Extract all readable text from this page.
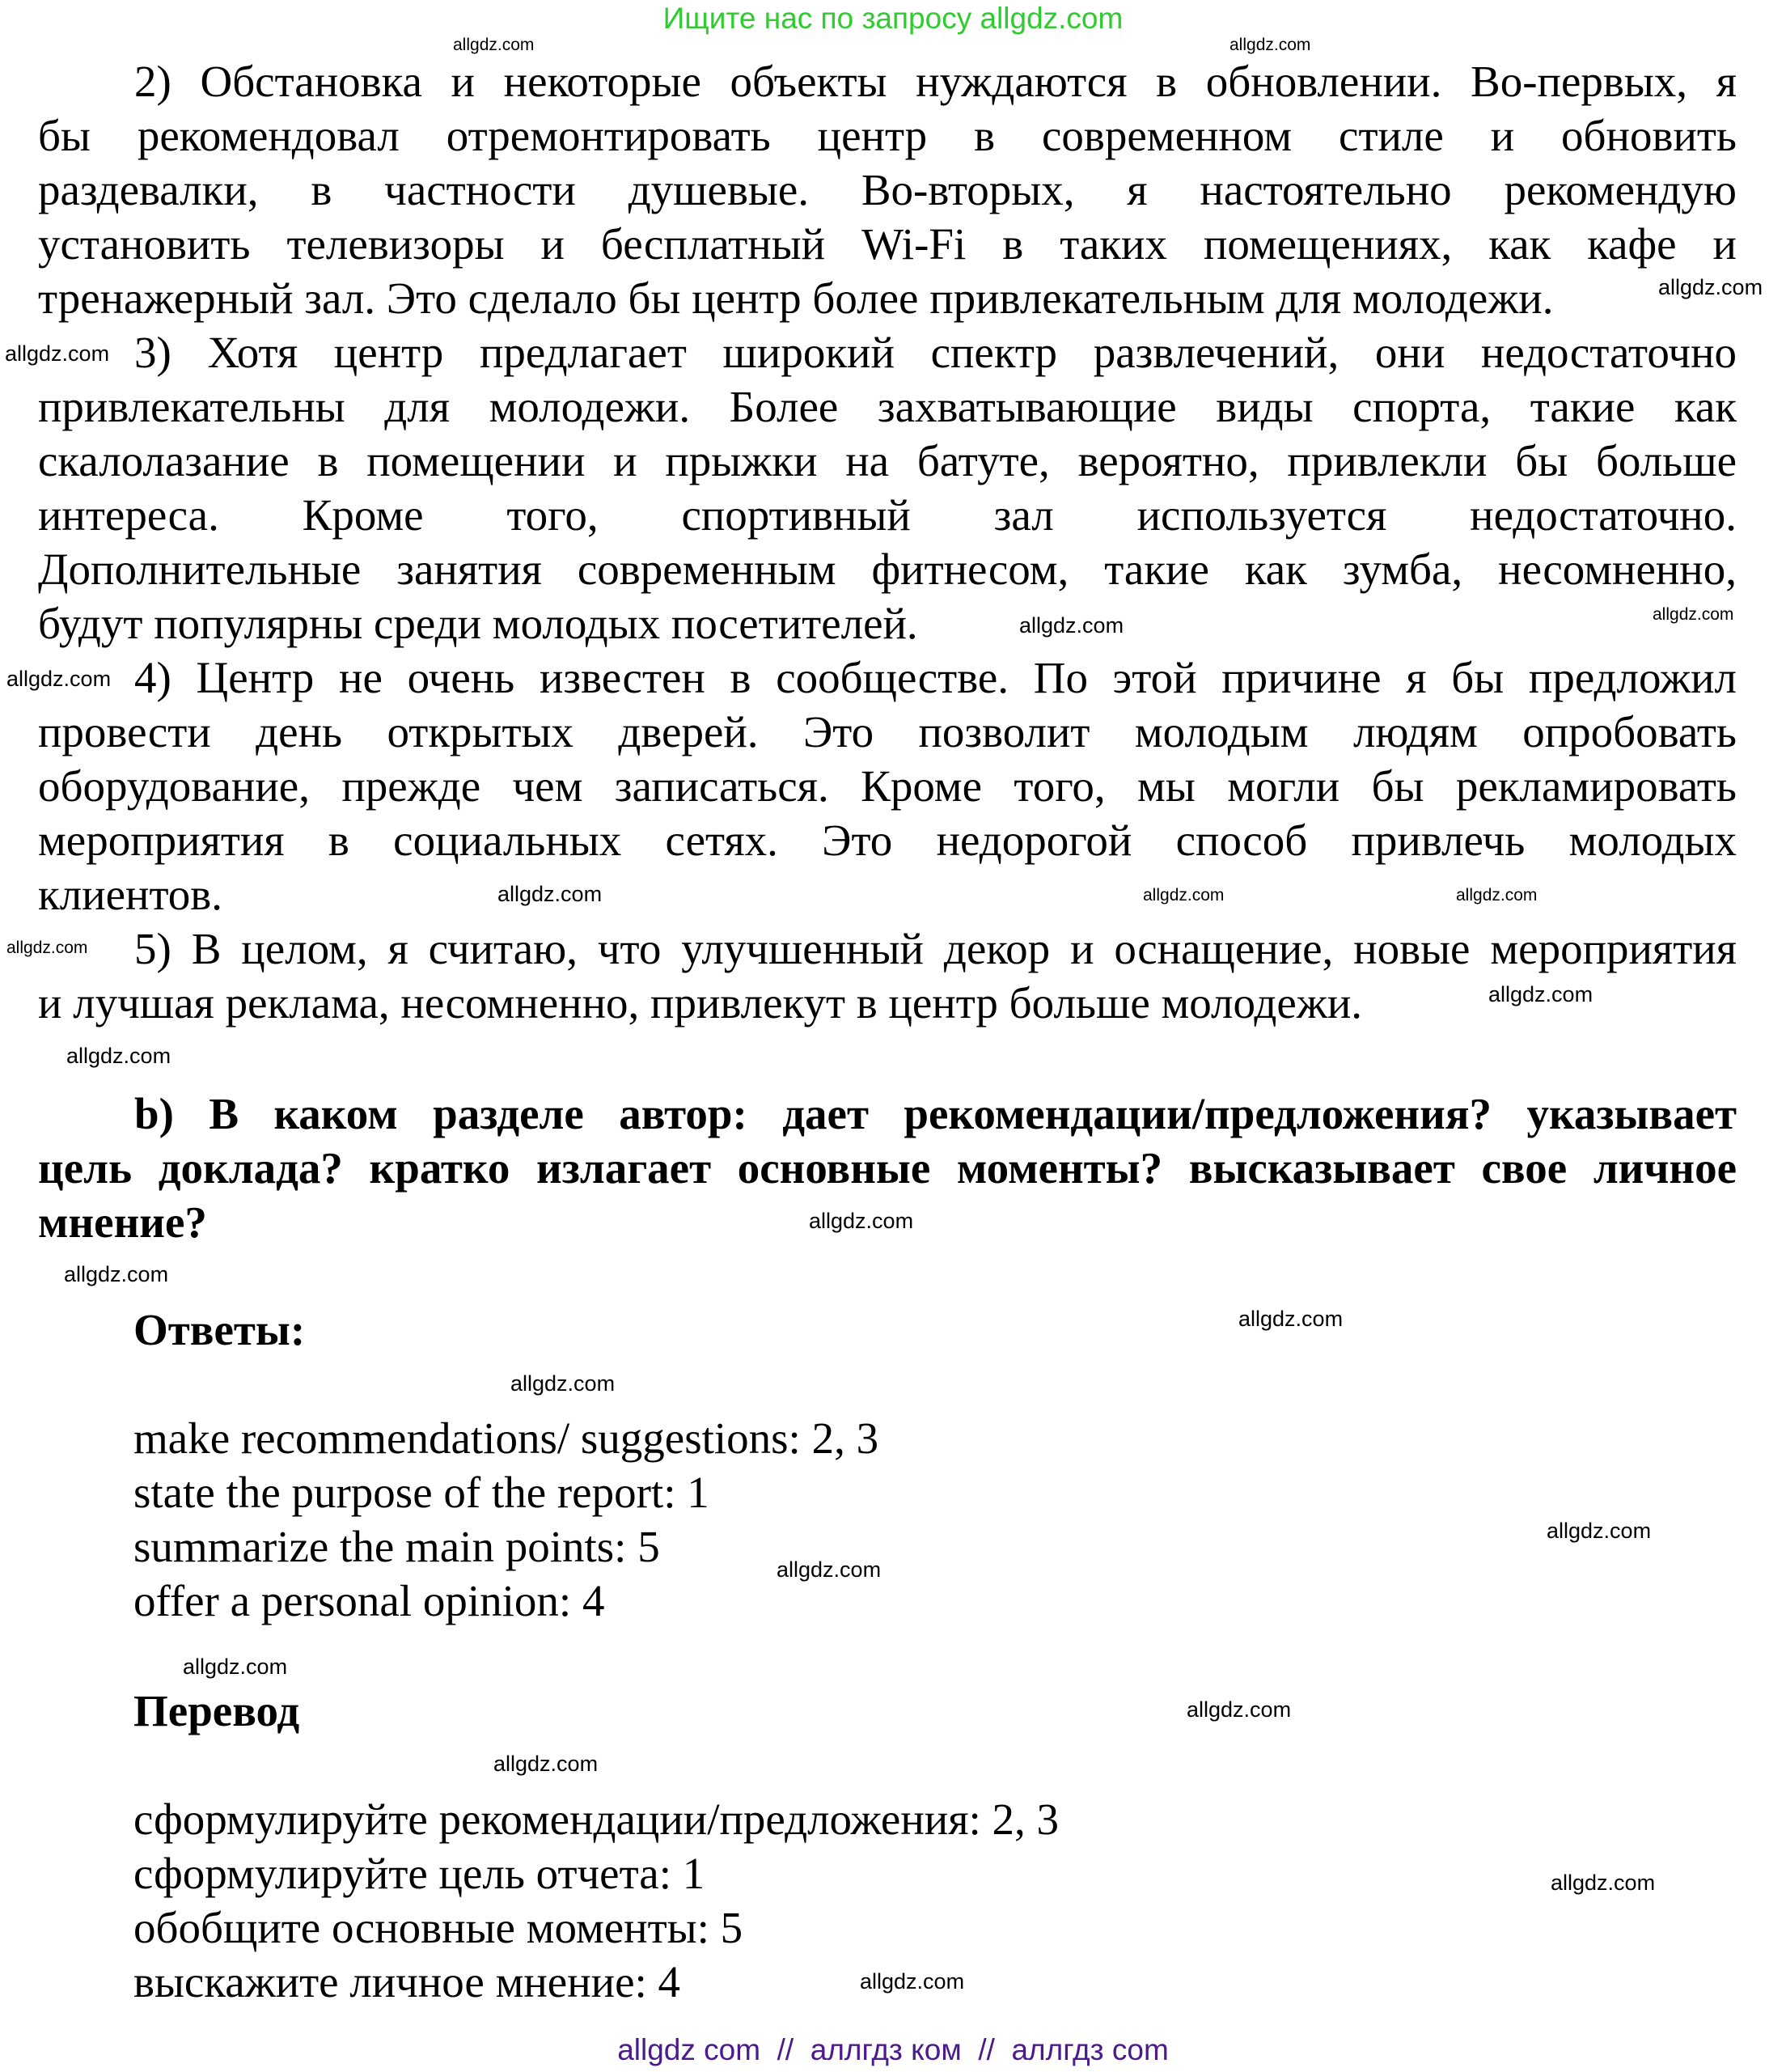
Ищите нас по запросу allgdz.com
2) Обстановка и некоторые объекты нуждаются в обновлении. Во-первых, я
бы рекомендовал отремонтировать центр в современном стиле и обновить
раздевалки, в частности душевые. Во-вторых, я настоятельно рекомендую
установить телевизоры и бесплатный Wi-Fi в таких помещениях, как кафе и
тренажерный зал. Это сделало бы центр более привлекательным для молодежи.
3) Хотя центр предлагает широкий спектр развлечений, они недостаточно
привлекательны для молодежи. Более захватывающие виды спорта, такие как
скалолазание в помещении и прыжки на батуте, вероятно, привлекли бы больше
интереса. Кроме того, спортивный зал используется недостаточно.
Дополнительные занятия современным фитнесом, такие как зумба, несомненно,
будут популярны среди молодых посетителей.
4) Центр не очень известен в сообществе. По этой причине я бы предложил
провести день открытых дверей. Это позволит молодым людям опробовать
оборудование, прежде чем записаться. Кроме того, мы могли бы рекламировать
мероприятия в социальных сетях. Это недорогой способ привлечь молодых
клиентов.
5) В целом, я считаю, что улучшенный декор и оснащение, новые мероприятия
и лучшая реклама, несомненно, привлекут в центр больше молодежи.
b) В каком разделе автор: дает рекомендации/предложения? указывает
цель доклада? кратко излагает основные моменты? высказывает свое личное
мнение?
Ответы:
make recommendations/ suggestions: 2, 3
state the purpose of the report: 1
summarize the main points: 5
offer a personal opinion: 4
Перевод
сформулируйте рекомендации/предложения: 2, 3
сформулируйте цель отчета: 1
обобщите основные моменты: 5
выскажите личное мнение: 4
allgdz.com	allgdz.com
allgdz.com
allgdz.com
allgdz.com
allgdz.com
allgdz.com
allgdz.com
allgdz.com
allgdz.com
allgdz.com
allgdz.com
allgdz.com
allgdz.com
allgdz.com
allgdz.com
allgdz.com
allgdz.com
allgdz.com
allgdz.com
allgdz.com
allgdz.com
allgdz.com
allgdz.com
allgdz com  //  аллгдз ком  //  аллгдз com
